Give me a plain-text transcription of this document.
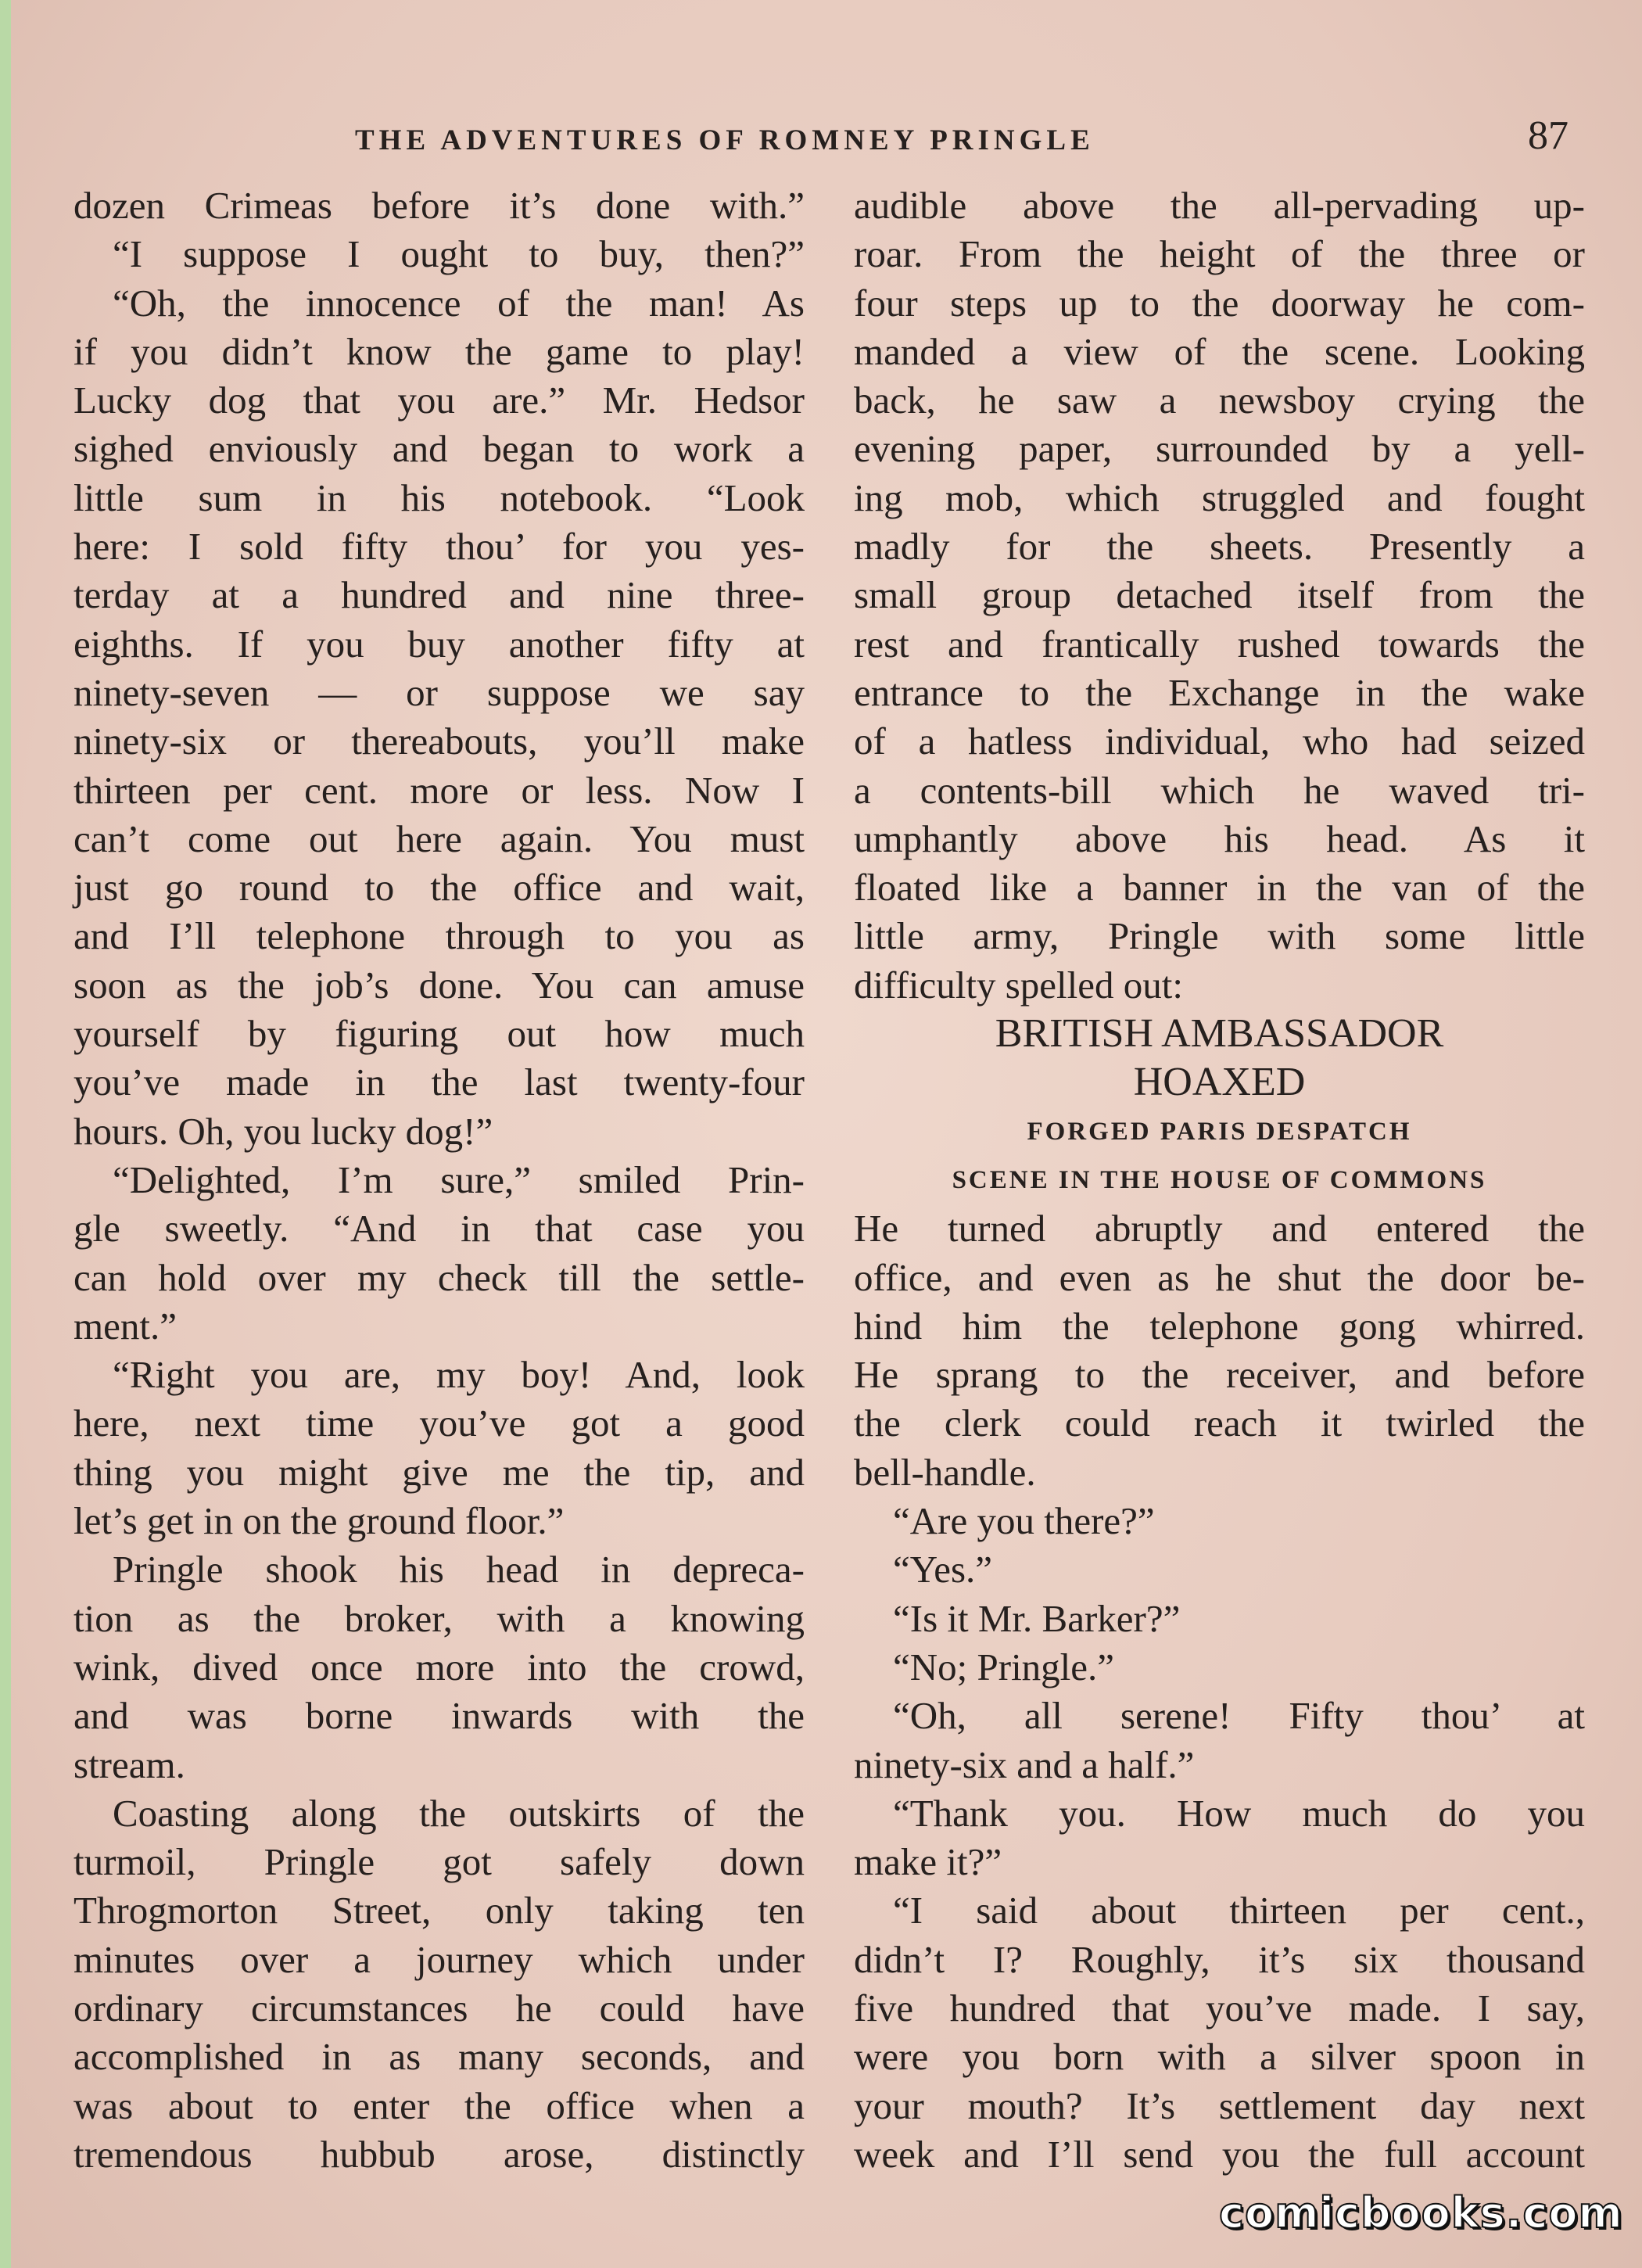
THE ADVENTURES OF ROMNEY PRINGLE	87
dozen Crimeas before it’s done with.”
“I suppose I ought to buy, then?”
“Oh, the innocence of the man! As
if you didn’t know the game to play!
Lucky dog that you are.” Mr. Hedsor
sighed enviously and began to work a
little sum in his notebook. “Look
here: I sold fifty thou’ for you yes-
terday at a hundred and nine three-
eighths. If you buy another fifty at
ninety-seven — or suppose we say
ninety-six or thereabouts, you’ll make
thirteen per cent. more or less. Now I
can’t come out here again. You must
just go round to the office and wait,
and I’ll telephone through to you as
soon as the job’s done. You can amuse
yourself by figuring out how much
you’ve made in the last twenty-four
hours. Oh, you lucky dog!”
“Delighted, I’m sure,” smiled Prin-
gle sweetly. “And in that case you
can hold over my check till the settle-
ment.”
“Right you are, my boy! And, look
here, next time you’ve got a good
thing you might give me the tip, and
let’s get in on the ground floor.”
Pringle shook his head in depreca-
tion as the broker, with a knowing
wink, dived once more into the crowd,
and was borne inwards with the
stream.
Coasting along the outskirts of the
turmoil, Pringle got safely down
Throgmorton Street, only taking ten
minutes over a journey which under
ordinary circumstances he could have
accomplished in as many seconds, and
was about to enter the office when a
tremendous hubbub arose, distinctly
audible above the all-pervading up-
roar. From the height of the three or
four steps up to the doorway he com-
manded a view of the scene. Looking
back, he saw a newsboy crying the
evening paper, surrounded by a yell-
ing mob, which struggled and fought
madly for the sheets. Presently a
small group detached itself from the
rest and frantically rushed towards the
entrance to the Exchange in the wake
of a hatless individual, who had seized
a contents-bill which he waved tri-
umphantly above his head. As it
floated like a banner in the van of the
little army, Pringle with some little
difficulty spelled out:
BRITISH AMBASSADOR
HOAXED
FORGED PARIS DESPATCH
SCENE IN THE HOUSE OF COMMONS
He turned abruptly and entered the
office, and even as he shut the door be-
hind him the telephone gong whirred.
He sprang to the receiver, and before
the clerk could reach it twirled the
bell-handle.
“Are you there?”
“Yes.”
“Is it Mr. Barker?”
“No; Pringle.”
“Oh, all serene! Fifty thou’ at
ninety-six and a half.”
“Thank you. How much do you
make it?”
“I said about thirteen per cent.,
didn’t I? Roughly, it’s six thousand
five hundred that you’ve made. I say,
were you born with a silver spoon in
your mouth? It’s settlement day next
week and I’ll send you the full account
comicbooks.com
